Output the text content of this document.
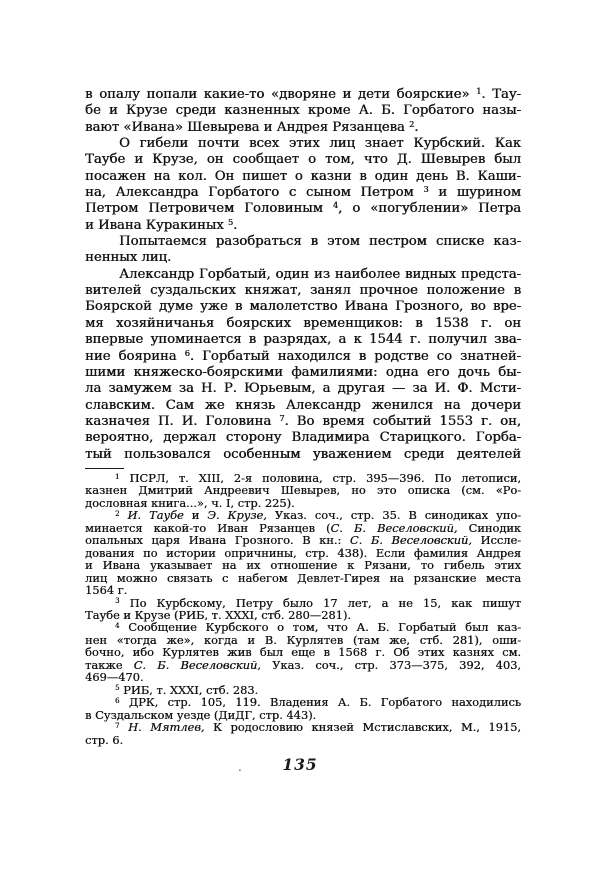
в опалу попали какие-то «дворяне и дети боярские» $^1$. Тау-
бе и Крузе среди казненных кроме А. Б. Горбатого назы-
вают «Ивана» Шевырева и Андрея Рязанцева $^2$.
О гибели почти всех этих лиц знает Курбский. Как
Таубе и Крузе, он сообщает о том, что Д. Шевырев был
посажен на кол. Он пишет о казни в один день В. Каши-
на, Александра Горбатого с сыном Петром $^3$ и шурином
Петром Петровичем Головиным $^4$, о «погублении» Петра
и Ивана Куракиных $^5$.
Попытаемся разобраться в этом пестром списке каз-
ненных лиц.
Александр Горбатый, один из наиболее видных предста-
вителей суздальских княжат, занял прочное положение в
Боярской думе уже в малолетство Ивана Грозного, во вре-
мя хозяйничанья боярских временщиков: в 1538 г. он
впервые упоминается в разрядах, а к 1544 г. получил зва-
ние боярина $^6$. Горбатый находился в родстве со знатней-
шими княжеско-боярскими фамилиями: одна его дочь бы-
ла замужем за Н. Р. Юрьевым, а другая — за И. Ф. Мсти-
славским. Сам же князь Александр женился на дочери
казначея П. И. Головина $^7$. Во время событий 1553 г. он,
вероятно, держал сторону Владимира Старицкого. Горба-
тый пользовался особенным уважением среди деятелей
$^1$ ПСРЛ, т. XIII, 2-я половина, стр. 395—396. По летописи,
казнен Дмитрий Андреевич Шевырев, но это описка (см. «Ро-
дословная книга...», ч. I, стр. 225).
$^2$ И. Таубе и Э. Крузе, Указ. соч., стр. 35. В синодиках упо-
минается какой-то Иван Рязанцев (С. Б. Веселовский, Синодик
опальных царя Ивана Грозного. В кн.: С. Б. Веселовский, Иссле-
дования по истории опричнины, стр. 438). Если фамилия Андрея
и Ивана указывает на их отношение к Рязани, то гибель этих
лиц можно связать с набегом Девлет-Гирея на рязанские места
1564 г.
$^3$ По Курбскому, Петру было 17 лет, а не 15, как пишут
Таубе и Крузе (РИБ, т. XXXI, стб. 280—281).
$^4$ Сообщение Курбского о том, что А. Б. Горбатый был каз-
нен «тогда же», когда и В. Курлятев (там же, стб. 281), оши-
бочно, ибо Курлятев жив был еще в 1568 г. Об этих казнях см.
также С. Б. Веселовский, Указ. соч., стр. 373—375, 392, 403,
469—470.
$^5$ РИБ, т. XXXI, стб. 283.
$^6$ ДРК, стр. 105, 119. Владения А. Б. Горбатого находились
в Суздальском уезде (ДиДГ, стр. 443).
$^7$ Н. Мятлев, К родословию князей Мстиславских, М., 1915,
стр. 6.
.	135
